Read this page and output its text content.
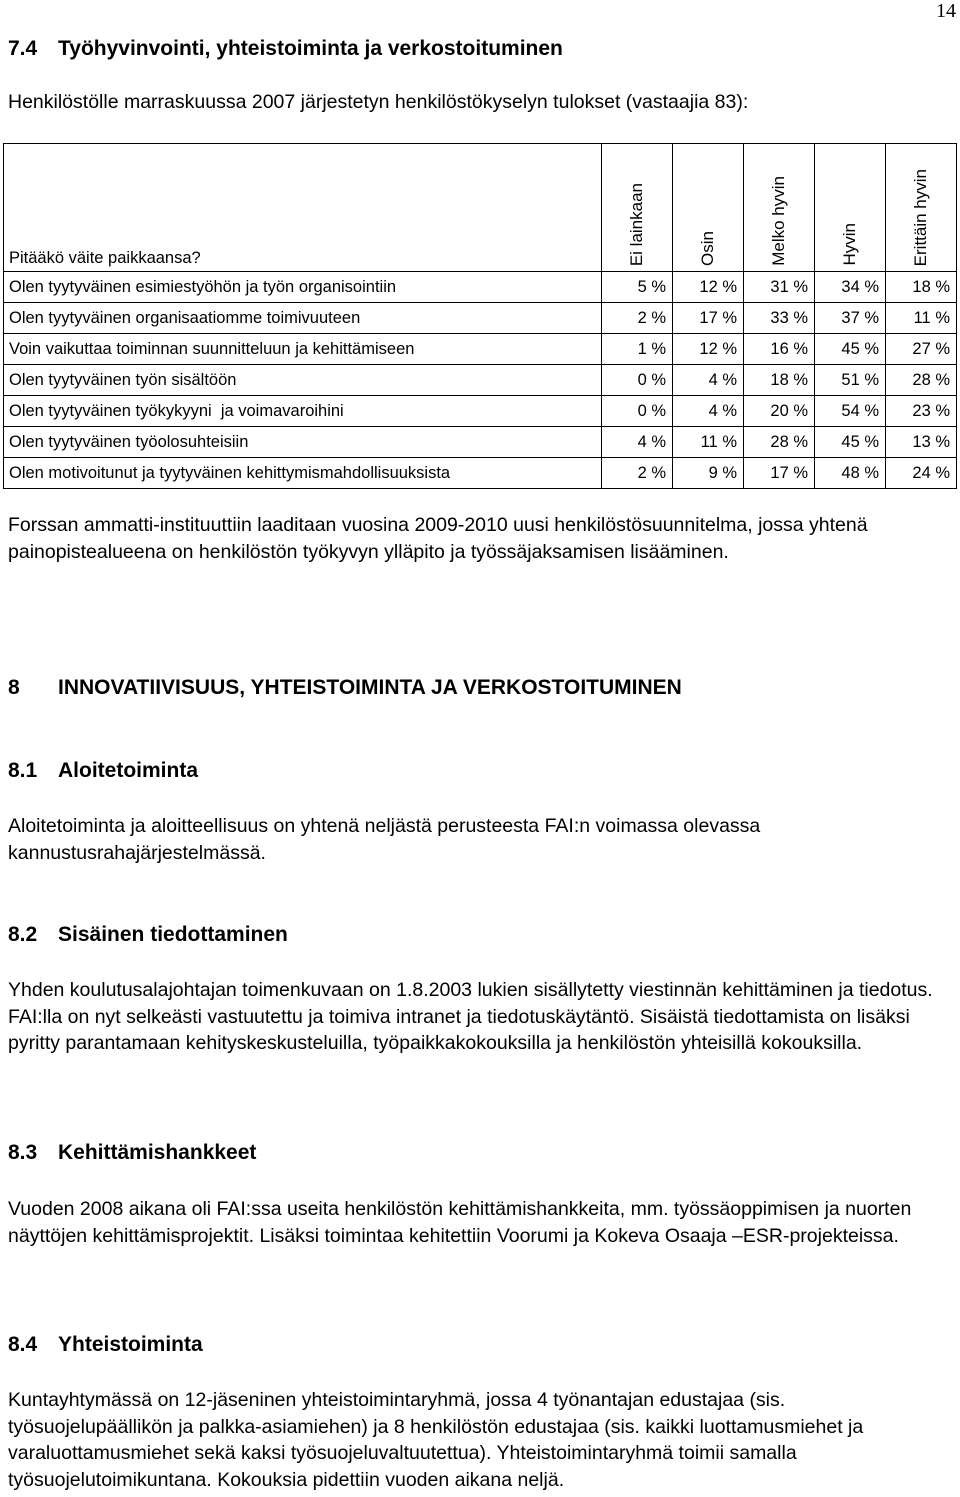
14
7.4 Työhyvinvointi, yhteistoiminta ja verkostoituminen

Henkilöstölle marraskuussa 2007 järjestetyn henkilöstökyselyn tulokset (vastaajia 83):

Pitääkö väite paikkaansa?	Ei lainkaan	Osin	Melko hyvin	Hyvin	Erittäin hyvin
Olen tyytyväinen esimiestyöhön ja työn organisointiin	5 %	12 %	31 %	34 %	18 %
Olen tyytyväinen organisaatiomme toimivuuteen	2 %	17 %	33 %	37 %	11 %
Voin vaikuttaa toiminnan suunnitteluun ja kehittämiseen	1 %	12 %	16 %	45 %	27 %
Olen tyytyväinen työn sisältöön	0 %	4 %	18 %	51 %	28 %
Olen tyytyväinen työkykyyni  ja voimavaroihini	0 %	4 %	20 %	54 %	23 %
Olen tyytyväinen työolosuhteisiin	4 %	11 %	28 %	45 %	13 %
Olen motivoitunut ja tyytyväinen kehittymismahdollisuuksista	2 %	9 %	17 %	48 %	24 %

Forssan ammatti-instituuttiin laaditaan vuosina 2009-2010 uusi henkilöstösuunnitelma, jossa yhtenä painopistealueena on henkilöstön työkyvyn ylläpito ja työssäjaksamisen lisääminen.

8 INNOVATIIVISUUS, YHTEISTOIMINTA JA VERKOSTOITUMINEN
8.1 Aloitetoiminta

Aloitetoiminta ja aloitteellisuus on yhtenä neljästä perusteesta FAI:n voimassa olevassa kannustusrahajärjestelmässä.

8.2 Sisäinen tiedottaminen

Yhden koulutusalajohtajan toimenkuvaan on 1.8.2003 lukien sisällytetty viestinnän kehittäminen ja tiedotus. FAI:lla on nyt selkeästi vastuutettu ja toimiva intranet ja tiedotuskäytäntö. Sisäistä tiedottamista on lisäksi pyritty parantamaan kehityskeskusteluilla, työpaikkakokouksilla ja henkilöstön yhteisillä kokouksilla.

8.3 Kehittämishankkeet

Vuoden 2008 aikana oli FAI:ssa useita henkilöstön kehittämishankkeita, mm. työssäoppimisen ja nuorten näyttöjen kehittämisprojektit. Lisäksi toimintaa kehitettiin Voorumi ja Kokeva Osaaja –ESR-projekteissa.

8.4 Yhteistoiminta

Kuntayhtymässä on 12-jäseninen yhteistoimintaryhmä, jossa 4 työnantajan edustajaa (sis. työsuojelupäällikön ja palkka-asiamiehen) ja 8 henkilöstön edustajaa (sis. kaikki luottamusmiehet ja varaluottamusmiehet sekä kaksi työsuojeluvaltuutettua). Yhteistoimintaryhmä toimii samalla työsuojelutoimikuntana. Kokouksia pidettiin vuoden aikana neljä.
